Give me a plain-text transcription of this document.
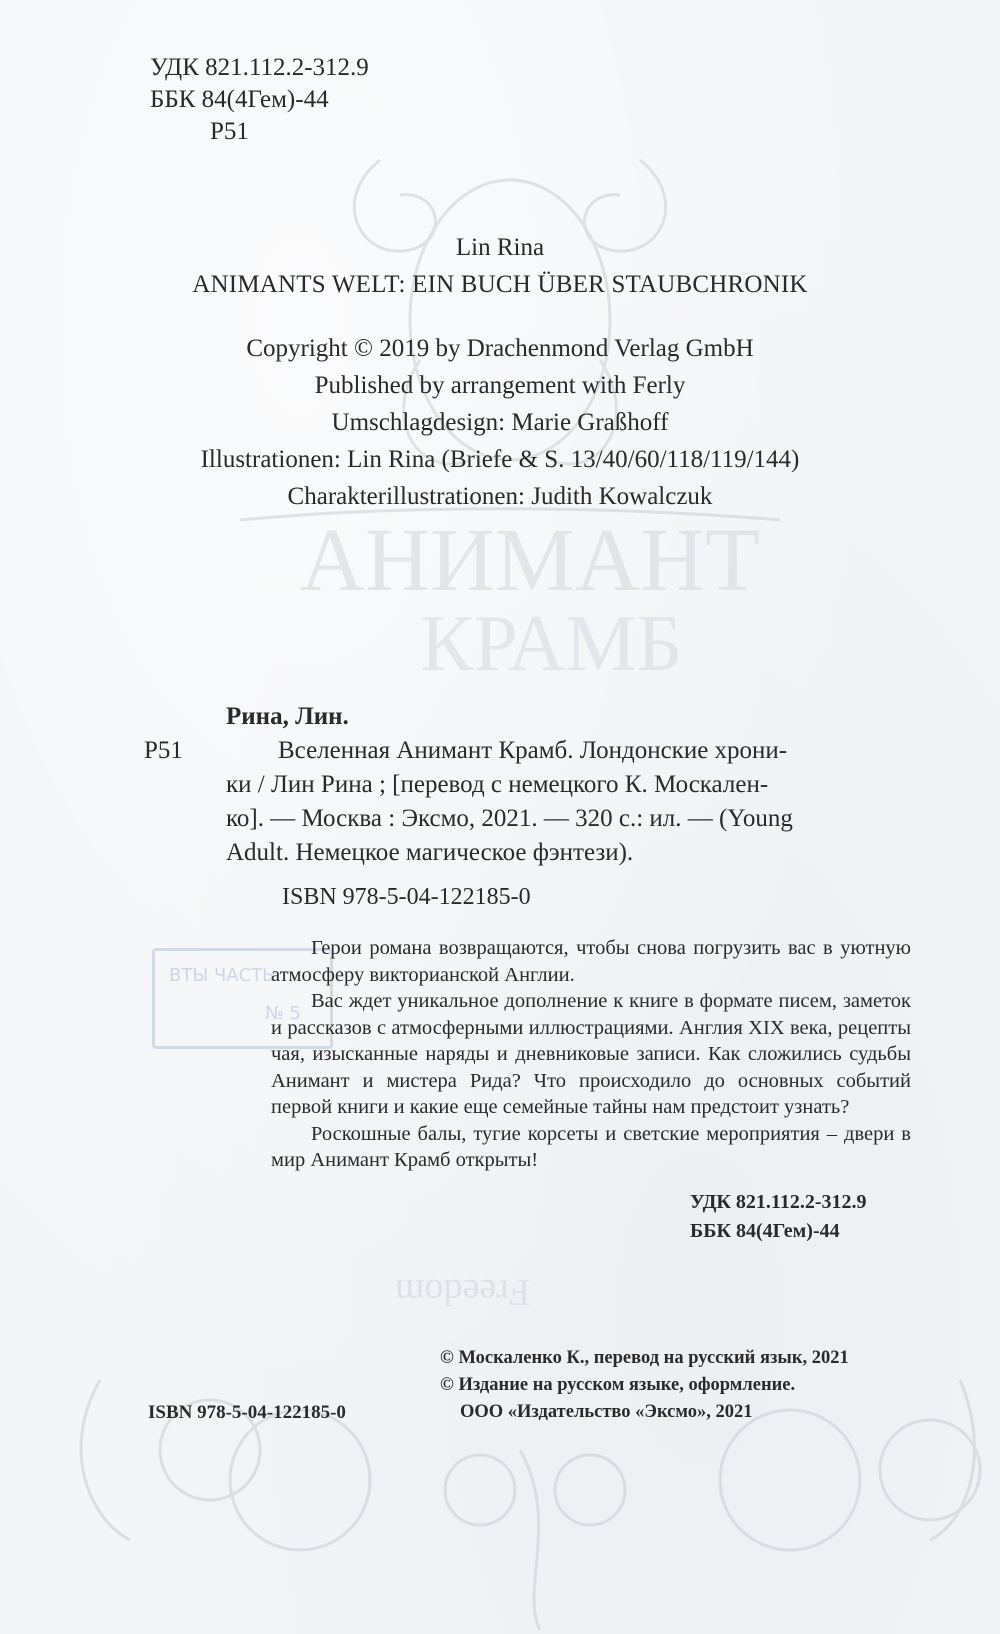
АНИМАНТ
КРАМБ
Freedom
ВТЫ ЧАСТЬ
№ 5
УДК 821.112.2-312.9
ББК 84(4Гем)-44
Р51
Lin Rina
ANIMANTS WELT: EIN BUCH ÜBER STAUBCHRONIK
Copyright © 2019 by Drachenmond Verlag GmbH
Published by arrangement with Ferly
Umschlagdesign: Marie Graßhoff
Illustrationen: Lin Rina (Briefe & S. 13/40/60/118/119/144)
Charakterillustrationen: Judith Kowalczuk
Рина, Лин.
Р51	Вселенная Анимант Крамб. Лондонские хрони-
ки / Лин Рина ; [перевод с немецкого К. Москален-
ко]. — Москва : Эксмо, 2021. — 320 с.: ил. — (Young
Adult. Немецкое магическое фэнтези).
ISBN 978-5-04-122185-0

Герои романа возвращаются, чтобы снова погрузить вас в уютную атмосферу викторианской Англии.

Вас ждет уникальное дополнение к книге в формате писем, заметок и рассказов с атмосферными иллюстрациями. Англия XIX века, рецепты чая, изысканные наряды и дневниковые записи. Как сложились судьбы Анимант и мистера Рида? Что происходило до основных событий первой книги и какие еще семейные тайны нам предстоит узнать?

Роскошные балы, тугие корсеты и светские мероприятия – двери в мир Анимант Крамб открыты!

УДК 821.112.2-312.9
ББК 84(4Гем)-44
© Москаленко К., перевод на русский язык, 2021
© Издание на русском языке, оформление.
ООО «Издательство «Эксмо», 2021
ISBN 978-5-04-122185-0
